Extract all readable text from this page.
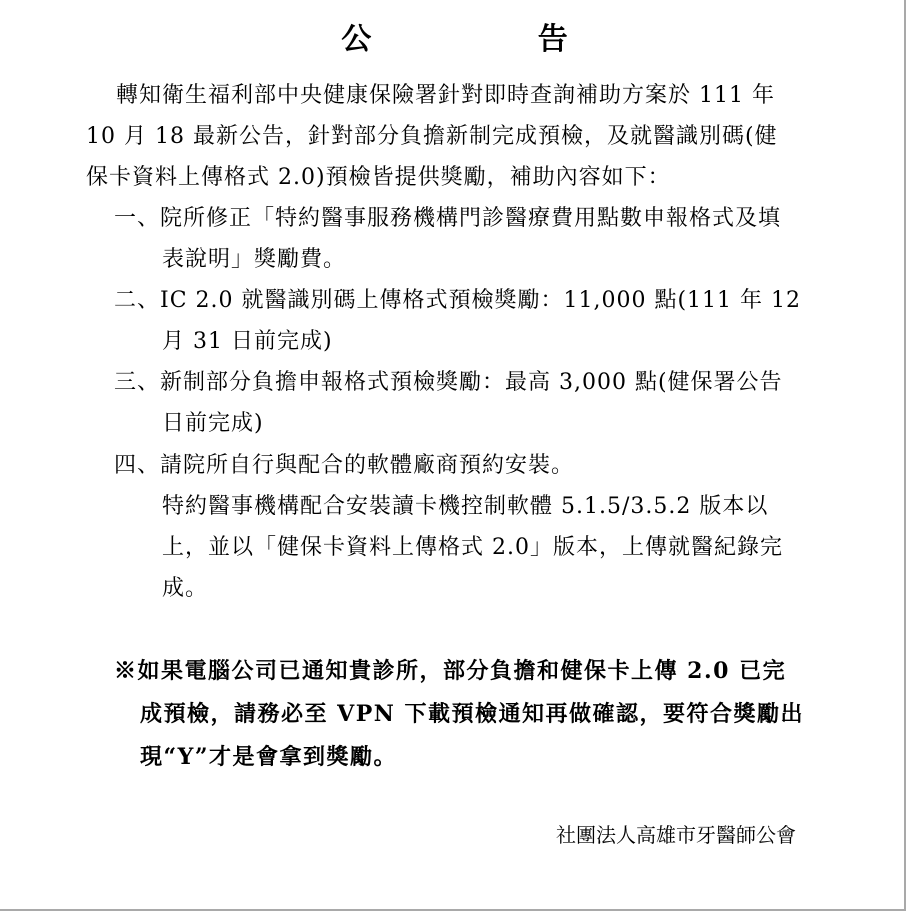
公 告
轉知衛生福利部中央健康保險署針對即時查詢補助方案於 111 年
10 月 18 最新公告，針對部分負擔新制完成預檢，及就醫識別碼(健
保卡資料上傳格式 2.0)預檢皆提供獎勵，補助內容如下：
一、院所修正「特約醫事服務機構門診醫療費用點數申報格式及填
表說明」獎勵費。
二、IC 2.0 就醫識別碼上傳格式預檢獎勵：11,000 點(111 年 12
月 31 日前完成)
三、新制部分負擔申報格式預檢獎勵：最高 3,000 點(健保署公告
日前完成)
四、請院所自行與配合的軟體廠商預約安裝。
特約醫事機構配合安裝讀卡機控制軟體 5.1.5/3.5.2 版本以
上，並以「健保卡資料上傳格式 2.0」版本，上傳就醫紀錄完
成。
※如果電腦公司已通知貴診所，部分負擔和健保卡上傳 2.0 已完
成預檢，請務必至 VPN 下載預檢通知再做確認，要符合獎勵出
現“Y”才是會拿到獎勵。
社團法人高雄市牙醫師公會
